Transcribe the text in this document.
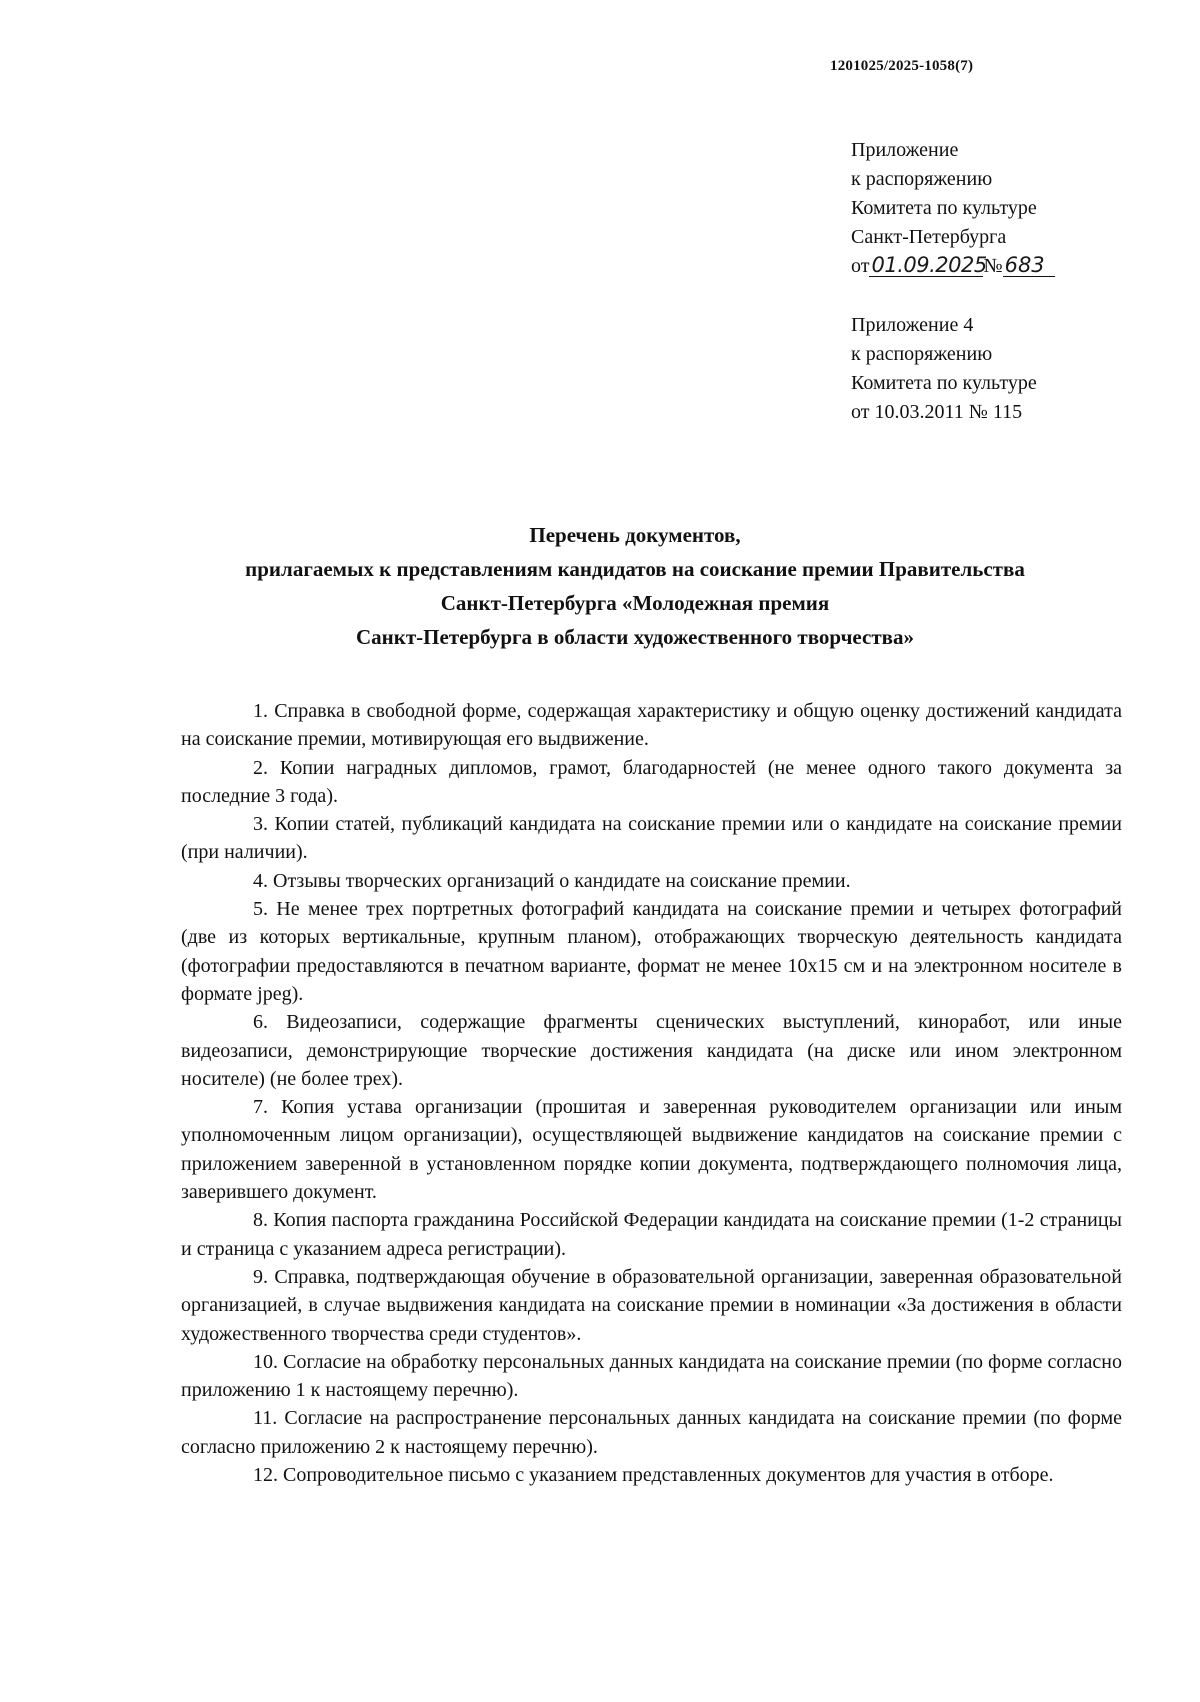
1201025/2025-1058(7)
Приложение
к распоряжению
Комитета по культуре
Санкт-Петербурга
от01.09.2025№683
Приложение 4
к распоряжению
Комитета по культуре
от 10.03.2011 № 115
Перечень документов,
прилагаемых к представлениям кандидатов на соискание премии Правительства
Санкт-Петербурга «Молодежная премия
Санкт-Петербурга в области художественного творчества»

1. Справка в свободной форме, содержащая характеристику и общую оценку достижений кандидата на соискание премии, мотивирующая его выдвижение.

2. Копии наградных дипломов, грамот, благодарностей (не менее одного такого документа за последние 3 года).

3. Копии статей, публикаций кандидата на соискание премии или о кандидате на соискание премии (при наличии).

4. Отзывы творческих организаций о кандидате на соискание премии.

5. Не менее трех портретных фотографий кандидата на соискание премии и четырех фотографий (две из которых вертикальные, крупным планом), отображающих творческую деятельность кандидата (фотографии предоставляются в печатном варианте, формат не менее 10x15 см и на электронном носителе в формате jpeg).

6. Видеозаписи, содержащие фрагменты сценических выступлений, киноработ, или иные видеозаписи, демонстрирующие творческие достижения кандидата (на диске или ином электронном носителе) (не более трех).

7. Копия устава организации (прошитая и заверенная руководителем организации или иным уполномоченным лицом организации), осуществляющей выдвижение кандидатов на соискание премии с приложением заверенной в установленном порядке копии документа, подтверждающего полномочия лица, заверившего документ.

8. Копия паспорта гражданина Российской Федерации кандидата на соискание премии (1-2 страницы и страница с указанием адреса регистрации).

9. Справка, подтверждающая обучение в образовательной организации, заверенная образовательной организацией, в случае выдвижения кандидата на соискание премии в номинации «За достижения в области художественного творчества среди студентов».

10. Согласие на обработку персональных данных кандидата на соискание премии (по форме согласно приложению 1 к настоящему перечню).

11. Согласие на распространение персональных данных кандидата на соискание премии (по форме согласно приложению 2 к настоящему перечню).

12. Сопроводительное письмо с указанием представленных документов для участия в отборе.
